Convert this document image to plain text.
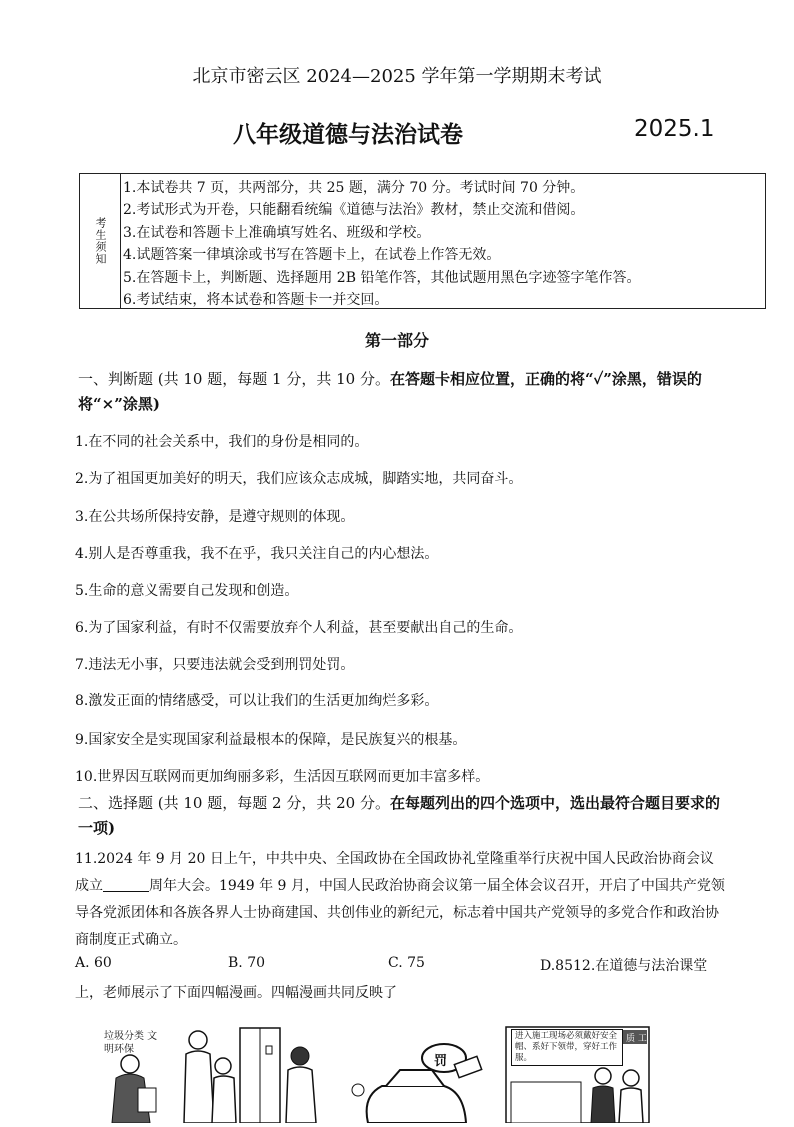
北京市密云区 2024—2025 学年第一学期期末考试
八年级道德与法治试卷	2025.1
考生须知
1.本试卷共 7 页，共两部分，共 25 题，满分 70 分。考试时间 70 分钟。
2.考试形式为开卷，只能翻看统编《道德与法治》教材，禁止交流和借阅。
3.在试卷和答题卡上准确填写姓名、班级和学校。
4.试题答案一律填涂或书写在答题卡上，在试卷上作答无效。
5.在答题卡上，判断题、选择题用 2B 铅笔作答，其他试题用黑色字迹签字笔作答。
6.考试结束，将本试卷和答题卡一并交回。
第一部分
一、判断题 (共 10 题，每题 1 分，共 10 分。在答题卡相应位置，正确的将“✓”涂黑，错误的将“×”涂黑)
1.在不同的社会关系中，我们的身份是相同的。
2.为了祖国更加美好的明天，我们应该众志成城，脚踏实地，共同奋斗。
3.在公共场所保持安静，是遵守规则的体现。
4.别人是否尊重我，我不在乎，我只关注自己的内心想法。
5.生命的意义需要自己发现和创造。
6.为了国家利益，有时不仅需要放弃个人利益，甚至要献出自己的生命。
7.违法无小事，只要违法就会受到刑罚处罚。
8.激发正面的情绪感受，可以让我们的生活更加绚烂多彩。
9.国家安全是实现国家利益最根本的保障，是民族复兴的根基。
10.世界因互联网而更加绚丽多彩，生活因互联网而更加丰富多样。
二、选择题 (共 10 题，每题 2 分，共 20 分。在每题列出的四个选项中，选出最符合题目要求的一项)
11.2024 年 9 月 20 日上午，中共中央、全国政协在全国政协礼堂隆重举行庆祝中国人民政治协商会议成立	周年大会。1949 年 9 月，中国人民政治协商会议第一届全体会议召开，开启了中国共产党领导各党派团体和各族各界人士协商建国、共创伟业的新纪元，标志着中国共产党领导的多党合作和政治协商制度正式确立。
A. 60	B. 70	C. 75	D.8512.在道德与法治课堂
上，老师展示了下面四幅漫画。四幅漫画共同反映了
垃圾分类 文明环保
罚
进入施工现场必须戴好安全帽、系好下领带，穿好工作服。
质 工
